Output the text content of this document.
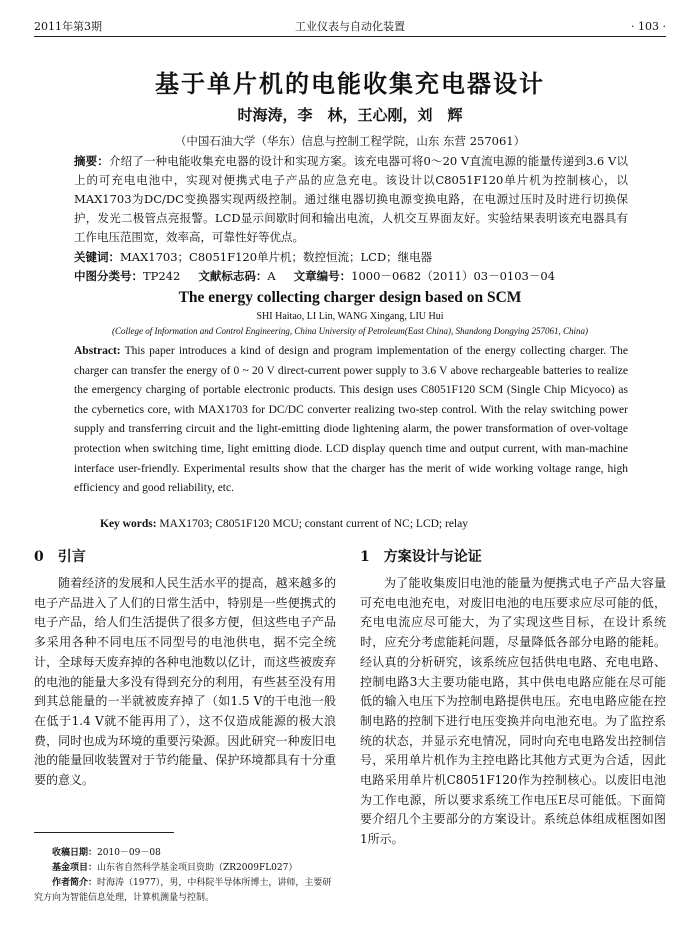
2011年第3期	工业仪表与自动化装置	· 103 ·
基于单片机的电能收集充电器设计
时海涛，李　林，王心刚，刘　辉
（中国石油大学（华东）信息与控制工程学院，山东 东营 257061）
摘要：介绍了一种电能收集充电器的设计和实现方案。该充电器可将0～20 V直流电源的能量传递到3.6 V以上的可充电电池中，实现对便携式电子产品的应急充电。该设计以C8051F120单片机为控制核心，以MAX1703为DC/DC变换器实现两级控制。通过继电器切换电源变换电路，在电源过压时及时进行切换保护，发光二极管点亮报警。LCD显示间歇时间和输出电流，人机交互界面友好。实验结果表明该充电器具有工作电压范围宽，效率高，可靠性好等优点。
关键词：MAX1703；C8051F120单片机；数控恒流；LCD；继电器
中图分类号：TP242 文献标志码：A 文章编号：1000－0682（2011）03－0103－04
The energy collecting charger design based on SCM
SHI Haitao, LI Lin, WANG Xingang, LIU Hui
(College of Information and Control Engineering, China University of Petroleum(East China), Shandong Dongying 257061, China)
Abstract: This paper introduces a kind of design and program implementation of the energy collecting charger. The charger can transfer the energy of 0 ~ 20 V direct-current power supply to 3.6 V above rechargeable batteries to realize the emergency charging of portable electronic products. This design uses C8051F120 SCM (Single Chip Micyoco) as the cybernetics core, with MAX1703 for DC/DC converter realizing two-step control. With the relay switching power supply and transferring circuit and the light-emitting diode lightening alarm, the power transformation of over-voltage protection when switching time, light emitting diode. LCD display quench time and output current, with man-machine interface user-friendly. Experimental results show that the charger has the merit of wide working voltage range, high efficiency and good reliability, etc.
Key words: MAX1703; C8051F120 MCU; constant current of NC; LCD; relay
0　引言

随着经济的发展和人民生活水平的提高，越来越多的电子产品进入了人们的日常生活中，特别是一些便携式的电子产品，给人们生活提供了很多方便，但这些电子产品多采用各种不同电压不同型号的电池供电，据不完全统计，全球每天废弃掉的各种电池数以亿计，而这些被废弃的电池的能量大多没有得到充分的利用，有些甚至没有用到其总能量的一半就被废弃掉了（如1.5 V的干电池一般在低于1.4 V就不能再用了），这不仅造成能源的极大浪费，同时也成为环境的重要污染源。因此研究一种废旧电池的能量回收装置对于节约能量、保护环境都具有十分重要的意义。

1　方案设计与论证

为了能收集废旧电池的能量为便携式电子产品大容量可充电电池充电，对废旧电池的电压要求应尽可能的低，充电电流应尽可能大，为了实现这些目标，在设计系统时，应充分考虑能耗问题，尽量降低各部分电路的能耗。经认真的分析研究，该系统应包括供电电路、充电电路、控制电路3大主要功能电路，其中供电电路应能在尽可能低的输入电压下为控制电路提供电压。充电电路应能在控制电路的控制下进行电压变换并向电池充电。为了监控系统的状态，并显示充电情况，同时向充电电路发出控制信号，采用单片机作为主控电路比其他方式更为合适，因此电路采用单片机C8051F120作为控制核心。以废旧电池为工作电源，所以要求系统工作电压E尽可能低。下面简要介绍几个主要部分的方案设计。系统总体组成框图如图1所示。

收稿日期：2010－09－08

基金项目：山东省自然科学基金项目资助（ZR2009FL027）

作者简介：时海涛（1977），男，中科院半导体所博士，讲师，主要研究方向为智能信息处理，计算机测量与控制。
